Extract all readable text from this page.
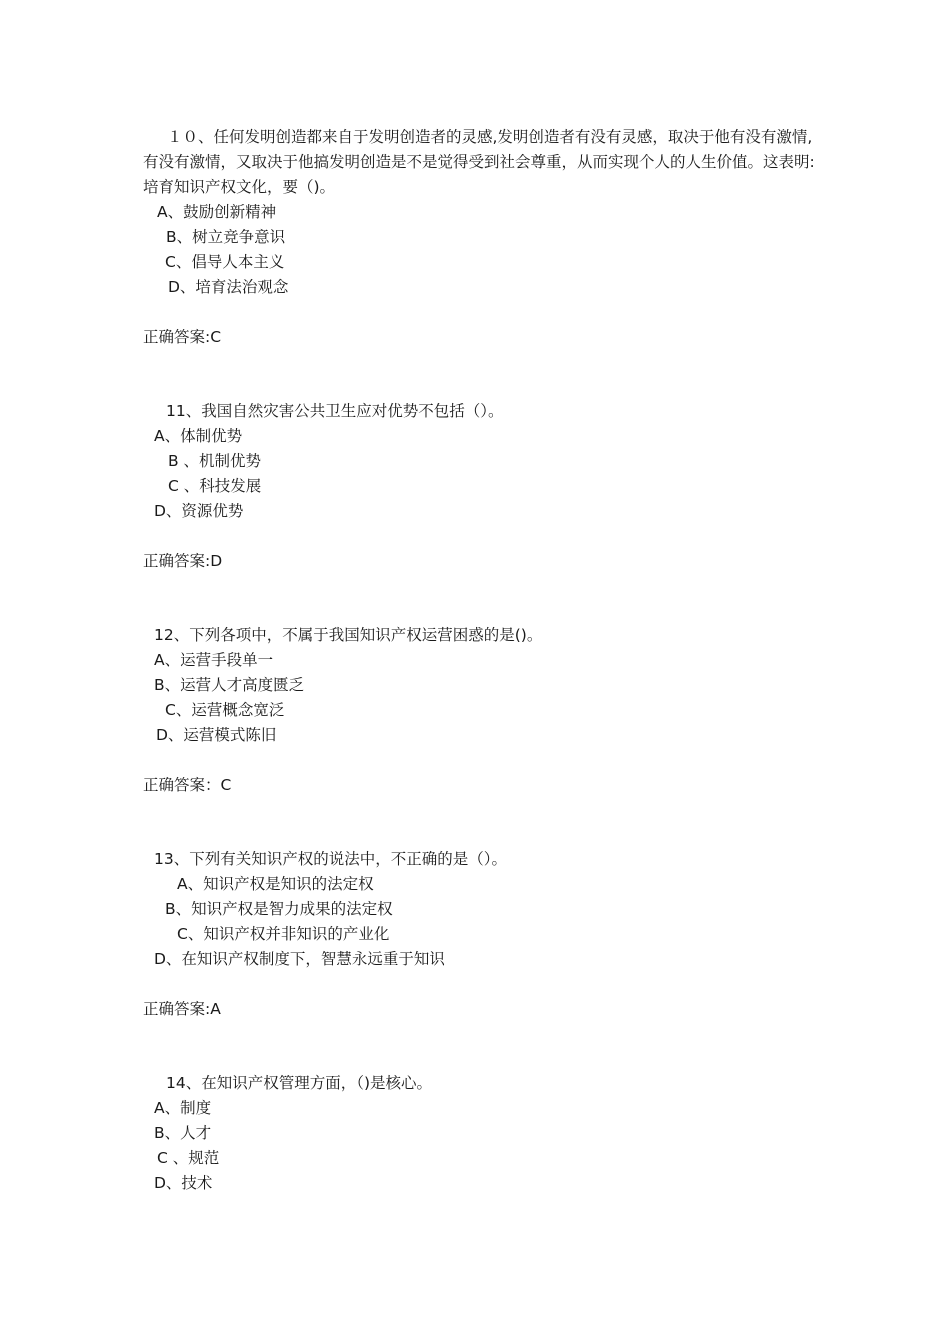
１０、任何发明创造都来自于发明创造者的灵感,发明创造者有没有灵感，取决于他有没有激情,有没有激情，又取决于他搞发明创造是不是觉得受到社会尊重，从而实现个人的人生价值。这表明:培育知识产权文化，要（)。
A、鼓励创新精神
B、树立竞争意识
C、倡导人本主义
D、培育法治观念
正确答案:C
11、我国自然灾害公共卫生应对优势不包括（）。
A、体制优势
B 、机制优势
C 、科技发展
D、资源优势
正确答案:D
12、下列各项中，不属于我国知识产权运营困惑的是()。
A、运营手段单一
B、运营人才高度匮乏
C、运营概念宽泛
D、运营模式陈旧
正确答案：C
13、下列有关知识产权的说法中，不正确的是（）。
A、知识产权是知识的法定权
B、知识产权是智力成果的法定权
C、知识产权并非知识的产业化
D、在知识产权制度下，智慧永远重于知识
正确答案:A
14、在知识产权管理方面，（)是核心。
A、制度
B、人才
C 、规范
D、技术
